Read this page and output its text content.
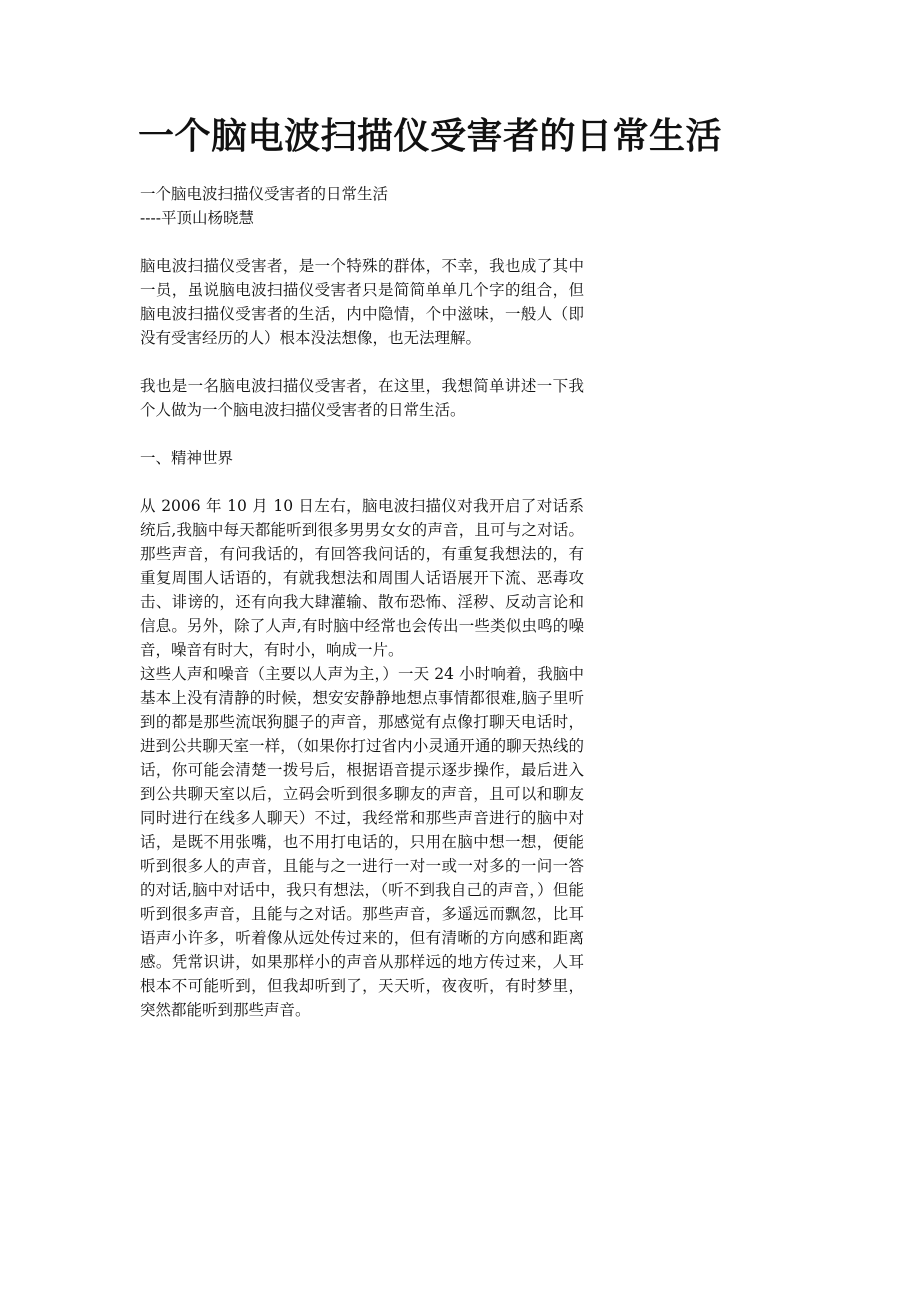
一个脑电波扫描仪受害者的日常生活

一个脑电波扫描仪受害者的日常生活

----平顶山杨晓慧

脑电波扫描仪受害者，是一个特殊的群体，不幸，我也成了其中一员，虽说脑电波扫描仪受害者只是简简单单几个字的组合，但脑电波扫描仪受害者的生活，内中隐情，个中滋味，一般人（即没有受害经历的人）根本没法想像，也无法理解。

我也是一名脑电波扫描仪受害者，在这里，我想简单讲述一下我个人做为一个脑电波扫描仪受害者的日常生活。

一、精神世界

从 2006 年 10 月 10 日左右，脑电波扫描仪对我开启了对话系统后,我脑中每天都能听到很多男男女女的声音，且可与之对话。那些声音，有问我话的，有回答我问话的，有重复我想法的，有重复周围人话语的，有就我想法和周围人话语展开下流、恶毒攻击、诽谤的，还有向我大肆灌输、散布恐怖、淫秽、反动言论和信息。另外，除了人声,有时脑中经常也会传出一些类似虫鸣的噪音，噪音有时大，有时小，响成一片。

这些人声和噪音（主要以人声为主，）一天 24 小时响着，我脑中基本上没有清静的时候，想安安静静地想点事情都很难,脑子里听到的都是那些流氓狗腿子的声音，那感觉有点像打聊天电话时，进到公共聊天室一样，（如果你打过省内小灵通开通的聊天热线的话，你可能会清楚一拨号后，根据语音提示逐步操作，最后进入到公共聊天室以后，立码会听到很多聊友的声音，且可以和聊友同时进行在线多人聊天）不过，我经常和那些声音进行的脑中对话，是既不用张嘴，也不用打电话的，只用在脑中想一想，便能听到很多人的声音，且能与之一进行一对一或一对多的一问一答的对话,脑中对话中，我只有想法，（听不到我自己的声音，）但能听到很多声音，且能与之对话。那些声音，多遥远而飘忽，比耳语声小许多，听着像从远处传过来的，但有清晰的方向感和距离感。凭常识讲，如果那样小的声音从那样远的地方传过来，人耳根本不可能听到，但我却听到了，天天听，夜夜听，有时梦里，突然都能听到那些声音。
